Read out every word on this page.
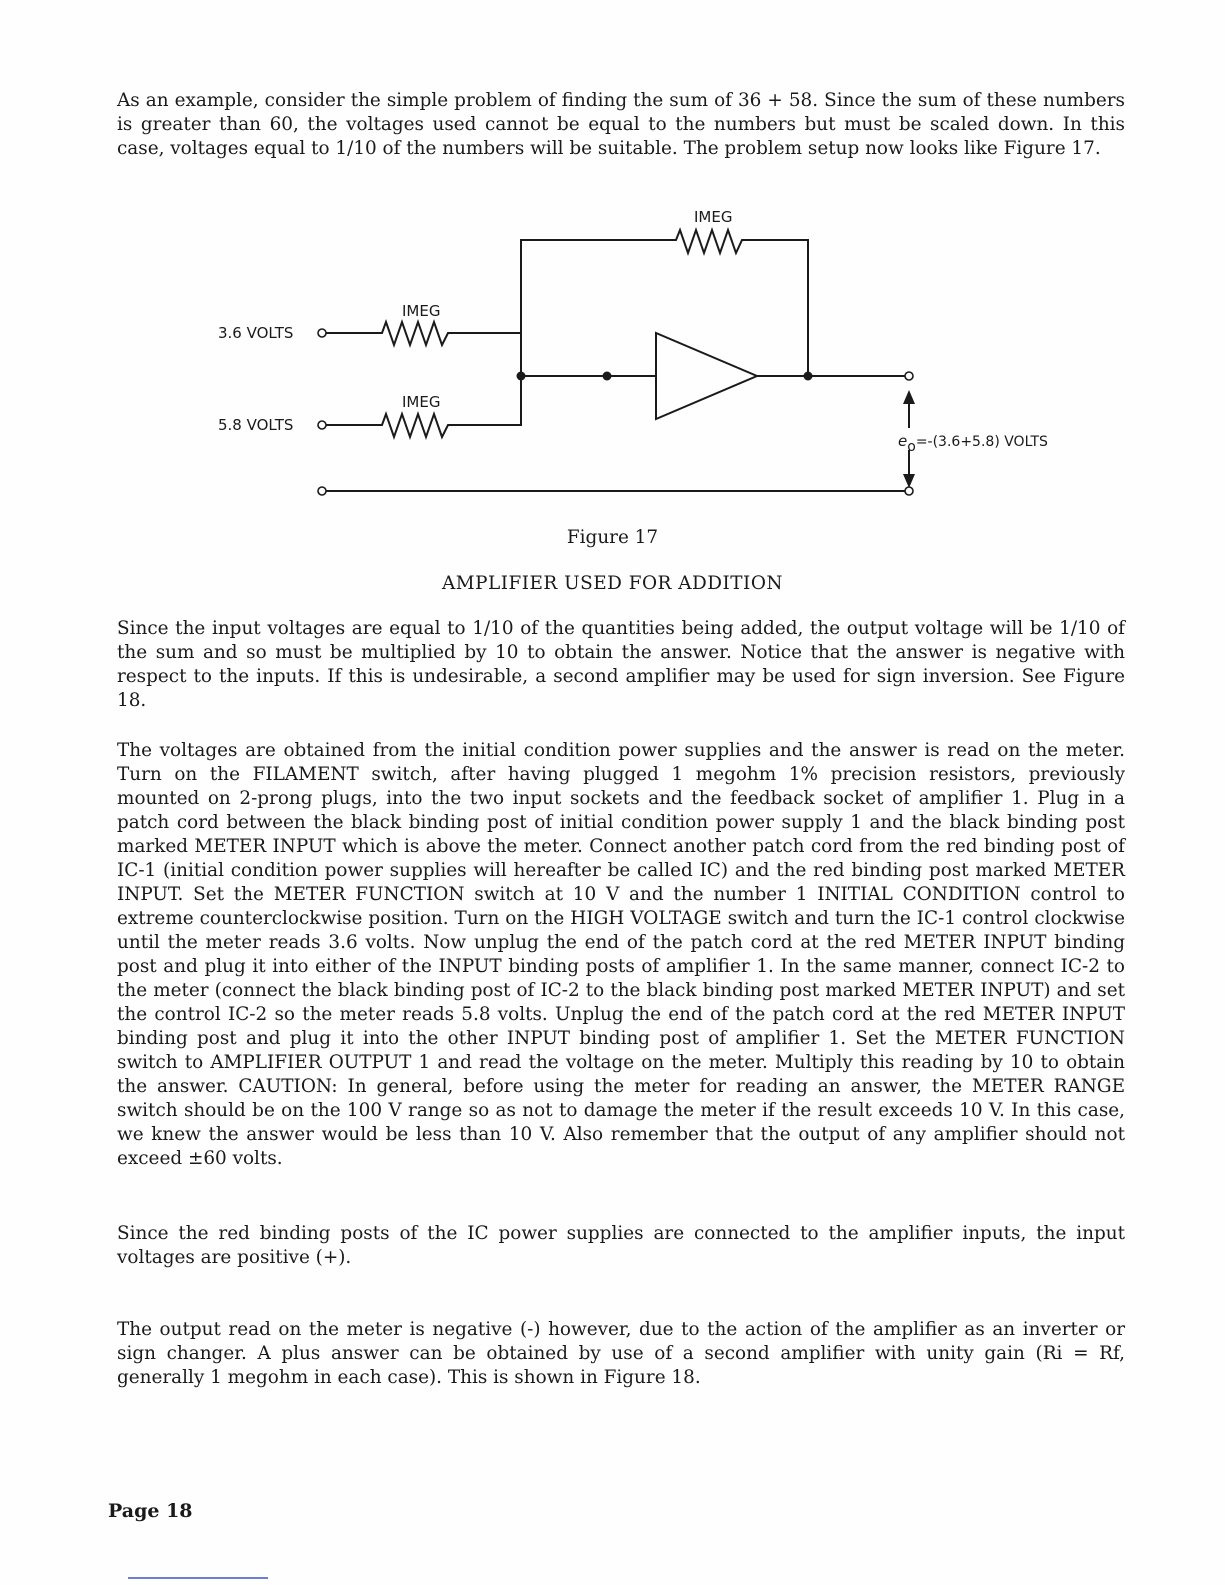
As an example, consider the simple problem of finding the sum of 36 + 58. Since the sum of these numbers is greater than 60, the voltages used cannot be equal to the numbers but must be scaled down. In this case, voltages equal to 1/10 of the numbers will be suitable. The problem setup now looks like Figure 17.

IMEG
3.6 VOLTS
IMEG
5.8 VOLTS
IMEG
eo=-(3.6+5.8) VOLTS

Figure 17

AMPLIFIER USED FOR ADDITION

Since the input voltages are equal to 1/10 of the quantities being added, the output voltage will be 1/10 of the sum and so must be multiplied by 10 to obtain the answer. Notice that the answer is negative with respect to the inputs. If this is undesirable, a second amplifier may be used for sign inversion. See Figure 18.

The voltages are obtained from the initial condition power supplies and the answer is read on the meter. Turn on the FILAMENT switch, after having plugged 1 megohm 1% precision resistors, previously mounted on 2-prong plugs, into the two input sockets and the feedback socket of amplifier 1. Plug in a patch cord between the black binding post of initial condition power supply 1 and the black binding post marked METER INPUT which is above the meter. Connect another patch cord from the red binding post of IC-1 (initial condition power supplies will hereafter be called IC) and the red binding post marked METER INPUT. Set the METER FUNCTION switch at 10 V and the number 1 INITIAL CONDITION control to extreme counterclockwise position. Turn on the HIGH VOLTAGE switch and turn the IC-1 control clockwise until the meter reads 3.6 volts. Now unplug the end of the patch cord at the red METER INPUT binding post and plug it into either of the INPUT binding posts of amplifier 1. In the same manner, connect IC-2 to the meter (connect the black binding post of IC-2 to the black binding post marked METER INPUT) and set the control IC-2 so the meter reads 5.8 volts. Unplug the end of the patch cord at the red METER INPUT binding post and plug it into the other INPUT binding post of amplifier 1. Set the METER FUNCTION switch to AMPLIFIER OUTPUT 1 and read the voltage on the meter. Multiply this reading by 10 to obtain the answer. CAUTION: In general, before using the meter for reading an answer, the METER RANGE switch should be on the 100 V range so as not to damage the meter if the result exceeds 10 V. In this case, we knew the answer would be less than 10 V. Also remember that the output of any amplifier should not exceed ±60 volts.

Since the red binding posts of the IC power supplies are connected to the amplifier inputs, the input voltages are positive (+).

The output read on the meter is negative (-) however, due to the action of the amplifier as an inverter or sign changer. A plus answer can be obtained by use of a second amplifier with unity gain (Ri = Rf, generally 1 megohm in each case). This is shown in Figure 18.

Page 18
